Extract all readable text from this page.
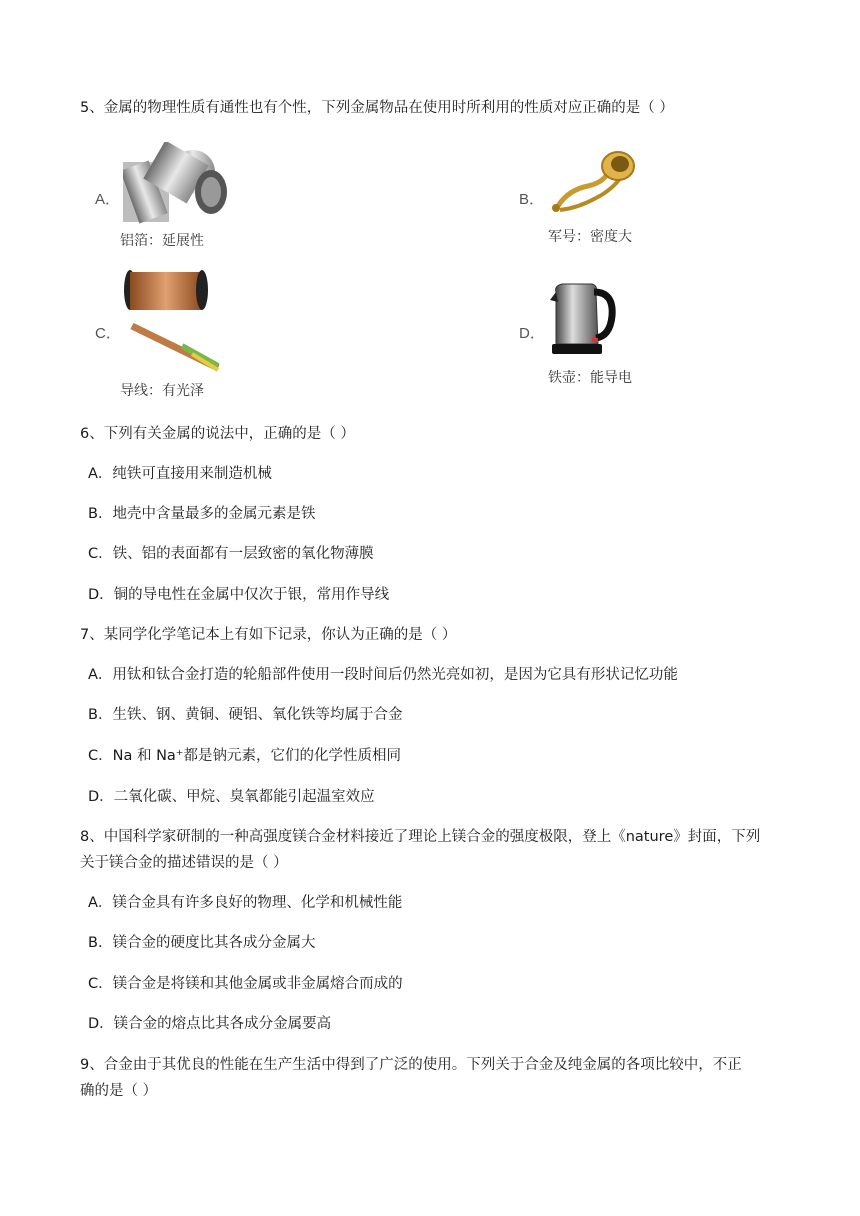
5、金属的物理性质有通性也有个性，下列金属物品在使用时所利用的性质对应正确的是（ ）
A．
铝箔：延展性
B．
军号：密度大
C．
导线：有光泽
D．
铁壶：能导电
6、下列有关金属的说法中，正确的是（ ）
A．纯铁可直接用来制造机械
B．地壳中含量最多的金属元素是铁
C．铁、铝的表面都有一层致密的氧化物薄膜
D．铜的导电性在金属中仅次于银，常用作导线
7、某同学化学笔记本上有如下记录，你认为正确的是（ ）
A．用钛和钛合金打造的轮船部件使用一段时间后仍然光亮如初，是因为它具有形状记忆功能
B．生铁、钢、黄铜、硬铝、氧化铁等均属于合金
C．Na 和 Na⁺都是钠元素，它们的化学性质相同
D．二氧化碳、甲烷、臭氧都能引起温室效应
8、中国科学家研制的一种高强度镁合金材料接近了理论上镁合金的强度极限，登上《nature》封面，下列
关于镁合金的描述错误的是（ ）
A．镁合金具有许多良好的物理、化学和机械性能
B．镁合金的硬度比其各成分金属大
C．镁合金是将镁和其他金属或非金属熔合而成的
D．镁合金的熔点比其各成分金属要高
9、合金由于其优良的性能在生产生活中得到了广泛的使用。下列关于合金及纯金属的各项比较中，不正
确的是（ ）
